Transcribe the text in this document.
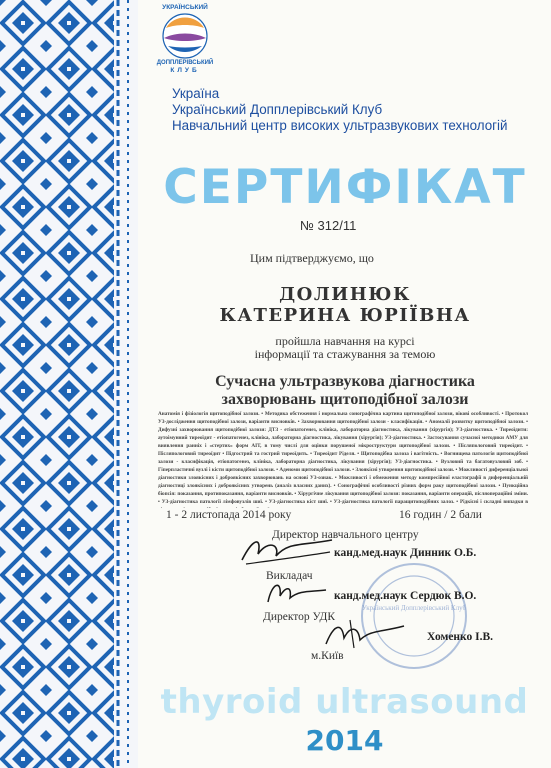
УКРАЇНСЬКИЙ
ДОППЛЕРІВСЬКИЙ
КЛУБ
Україна
Український Допплерівський Клуб
Навчальний центр високих ультразвукових технологій
СЕРТИФІКАТ
№ 312/11
Цим підтверджуємо, що
ДОЛИНЮК
КАТЕРИНА ЮРІЇВНА
пройшла навчання на курсі
інформації та стажування за темою
Сучасна ультразвукова діагностика
захворювань щитоподібної залози
Анатомія і фізіологія щитоподібної залози. • Методика обстеження і нормальна сонографічна картина щитоподібної залози, вікові особливості. • Протокол УЗ-дослідження щитоподібної залози, варіанти висновків. • Захворювання щитоподібної залози - класифікація. • Аномалії розвитку щитоподібної залози. • Дифузні захворювання щитоподібної залози: ДТЗ - етіопатогенез, клініка, лабораторна діагностика, лікування (хірургія); УЗ-діагностика. • Тиреоїдити: аутоімунний тиреоїдит - етіопатогенез, клініка, лабораторна діагностика, лікування (хірургія); УЗ-діагностика. • Застосування сучасної методики АМУ для виявлення ранніх і «стертих» форм АІТ, в тому числі для оцінки порушеної мікроструктури щитоподібної залози. • Післяпологовий тиреоїдит. • Післяпологовий тиреоїдит • Підгострий та гострий тиреоїдить. • Тиреоїдит Ріделя. • Щитоподібна залоза і вагітність. • Вогнищева патологія щитоподібної залози - класифікація, етіопатогенез, клініка, лабораторна діагностика, лікування (хірургія); УЗ-діагностика. • Вузловий та багатовузловий зоб. • Гіперпластичні вузлі і кісти щитоподібної залози. • Аденоми щитоподібної залози. • Злоякісні утворення щитоподібної залози. • Можливості диференціальної діагностики злоякісних і доброякісних захворювань на основі УЗ-ознак. • Можливості і обмеження методу компресійної еластографії в диференціальній діагностиці злоякісних і доброякісних утворень (аналіз власних даних). • Сонографічні особливості різних форм раку щитоподібної залози. • Пункційна біопсія: показання, протипоказання, варіанти висновків. • Хірургічне лікування щитоподібної залози: показання, варіанти операцій, післяопераційні зміни. • УЗ-діагностика патології лімфовузлів шиї. • УЗ-діагностика кіст шиї. • УЗ-діагностика патології паращитоподібних залоз. • Рідкісні і складні випадки в
1 - 2 листопада 2014 року	16 годин / 2 бали
Український Допплерівський Клуб
Директор навчального центру
канд.мед.наук Динник О.Б.
Викладач
канд.мед.наук Сердюк В.О.
Директор УДК
Хоменко І.В.
м.Київ
thyroid ultrasound
2014
